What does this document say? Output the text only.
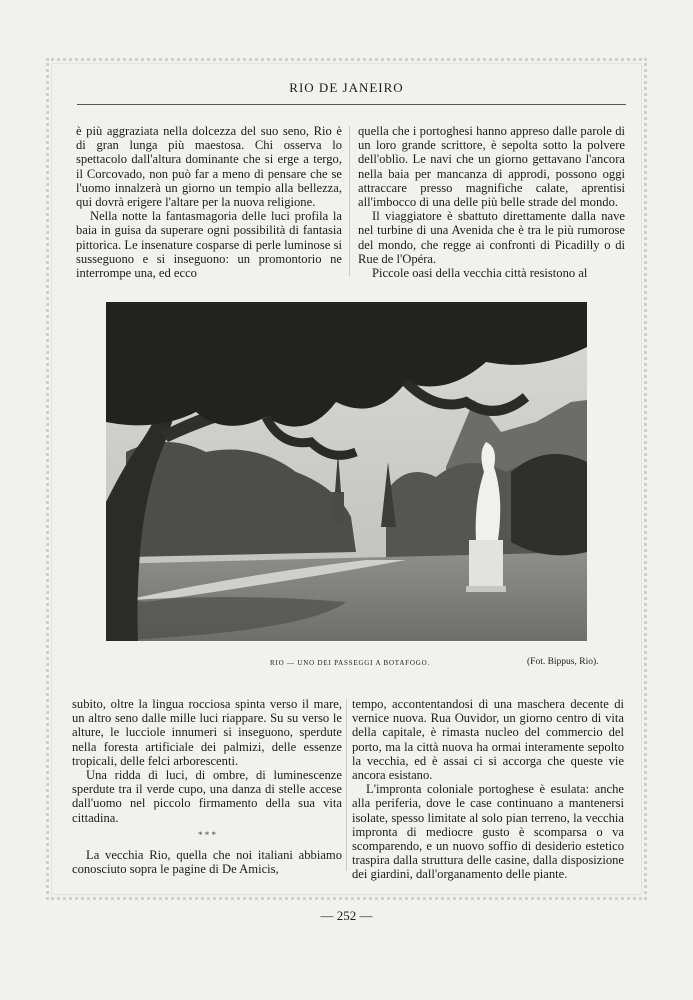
RIO DE JANEIRO

è più aggraziata nella dolcezza del suo seno, Rio è di gran lunga più maestosa. Chi osserva lo spettacolo dall'altura dominante che si erge a tergo, il Corcovado, non può far a meno di pensare che se l'uomo innalzerà un giorno un tempio alla bellezza, qui dovrà erigere l'altare per la nuova religione.

Nella notte la fantasmagoria delle luci profila la baia in guisa da superare ogni possibilità di fantasia pittorica. Le insenature cosparse di perle luminose si susseguono e si inseguono: un promontorio ne interrompe una, ed ecco

quella che i portoghesi hanno appreso dalle parole di un loro grande scrittore, è sepolta sotto la polvere dell'oblìo. Le navi che un giorno gettavano l'ancora nella baia per mancanza di approdi, possono oggi attraccare presso magnifiche calate, aprentisi all'imbocco di una delle più belle strade del mondo.

Il viaggiatore è sbattuto direttamente dalla nave nel turbine di una Avenida che è tra le più rumorose del mondo, che regge ai confronti di Picadilly o di Rue de l'Opéra.

Piccole oasi della vecchia città resistono al

RIO — UNO DEI PASSEGGI A BOTAFOGO.	(Fot. Bippus, Rio).

subito, oltre la lingua rocciosa spinta verso il mare, un altro seno dalle mille luci riappare. Su su verso le alture, le lucciole innumeri si inseguono, sperdute nella foresta artificiale dei palmizi, delle essenze tropicali, delle felci arborescenti.

Una ridda di luci, di ombre, di luminescenze sperdute tra il verde cupo, una danza di stelle accese dall'uomo nel piccolo firmamento della sua vita cittadina.

* * *

La vecchia Rio, quella che noi italiani abbiamo conosciuto sopra le pagine di De Amicis,

tempo, accontentandosi di una maschera decente di vernice nuova. Rua Ouvidor, un giorno centro di vita della capitale, è rimasta nucleo del commercio del porto, ma la città nuova ha ormai interamente sepolto la vecchia, ed è assai ci si accorga che queste vie ancora esistano.

L'impronta coloniale portoghese è esulata: anche alla periferia, dove le case continuano a mantenersi isolate, spesso limitate al solo pian terreno, la vecchia impronta di mediocre gusto è scomparsa o va scomparendo, e un nuovo soffio di desiderio estetico traspira dalla struttura delle casine, dalla disposizione dei giardini, dall'organamento delle piante.

— 252 —
